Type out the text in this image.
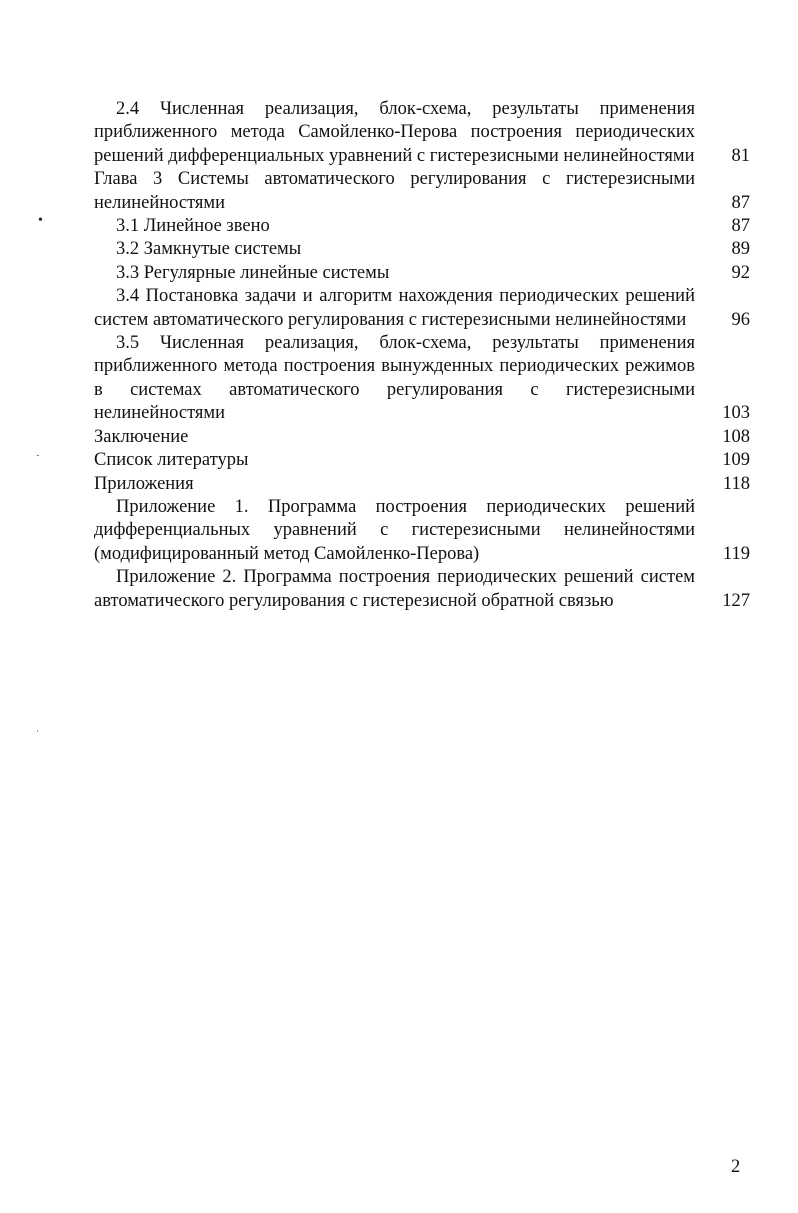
2.4 Численная реализация, блок-схема, результаты применения приближенного метода Самойленко-Перова построения периодических решений дифференциальных уравнений с гистерезисными нелинейностями 81
Глава 3 Системы автоматического регулирования с гистерезисными нелинейностями	87
3.1 Линейное звено	87
3.2 Замкнутые системы	89
3.3 Регулярные линейные системы	92
3.4 Постановка задачи и алгоритм нахождения периодических решений систем автоматического регулирования с гистерезисными нелинейностями	96
3.5 Численная реализация, блок-схема, результаты применения приближенного метода построения вынужденных периодических режимов в системах автоматического регулирования с гистерезисными нелинейностями	103
Заключение	108
Список литературы	109
Приложения	118
Приложение 1. Программа построения периодических решений дифференциальных уравнений с гистерезисными нелинейностями (модифицированный метод Самойленко-Перова)	119
Приложение 2. Программа построения периодических решений систем автоматического регулирования с гистерезисной обратной связью	127
•
·
·
2
